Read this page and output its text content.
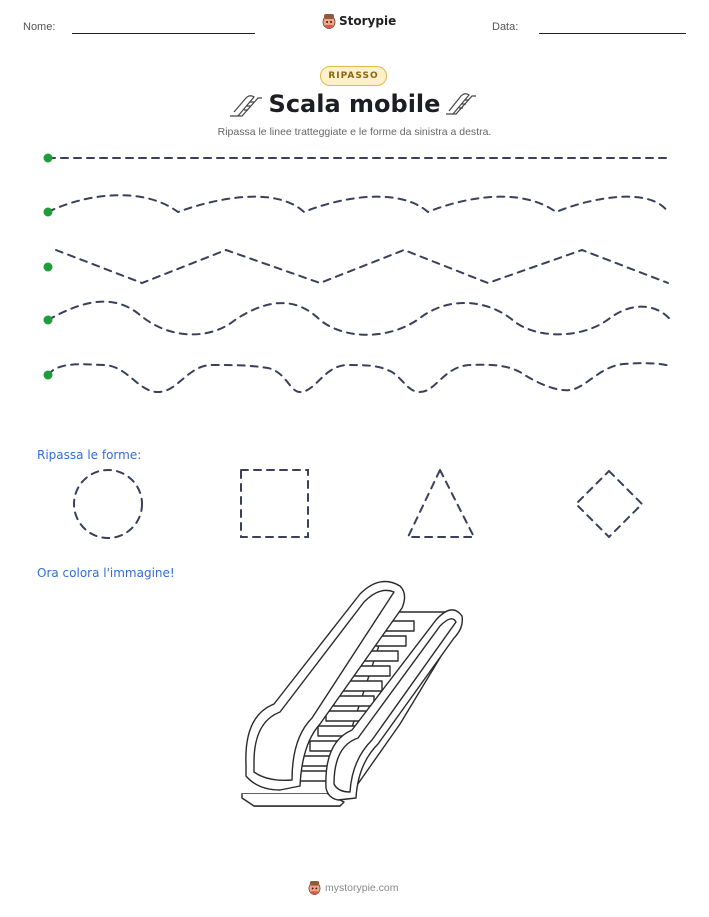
Nome:	Storypie	Data:
RIPASSO
Scala mobile
Ripassa le linee tratteggiate e le forme da sinistra a destra.
Ripassa le forme:
Ora colora l'immagine!
mystorypie.com
